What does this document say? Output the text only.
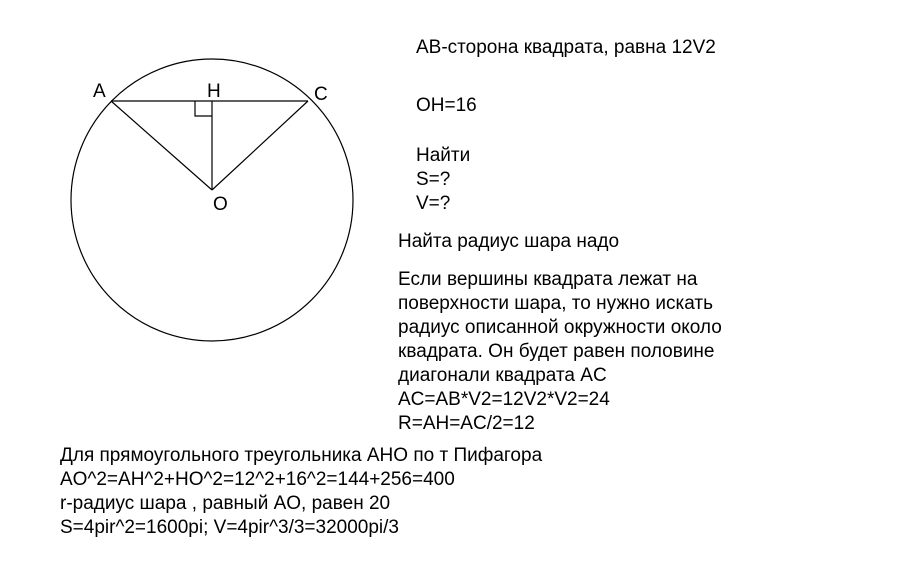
A	H	C
O
AB-сторона квадрата, равна 12V2
OH=16
Найти
S=?
V=?
Найта радиус шара надо
Если вершины квадрата лежат на
поверхности шара, то нужно искать
радиус описанной окружности около
квадрата. Он будет равен половине
диагонали квадрата AC
AC=AB*V2=12V2*V2=24
R=AH=AC/2=12
Для прямоугольного треугольника AHO по т Пифагора
AO^2=AH^2+HO^2=12^2+16^2=144+256=400
r-радиус шара , равный AO, равен 20
S=4pir^2=1600pi; V=4pir^3/3=32000pi/3
